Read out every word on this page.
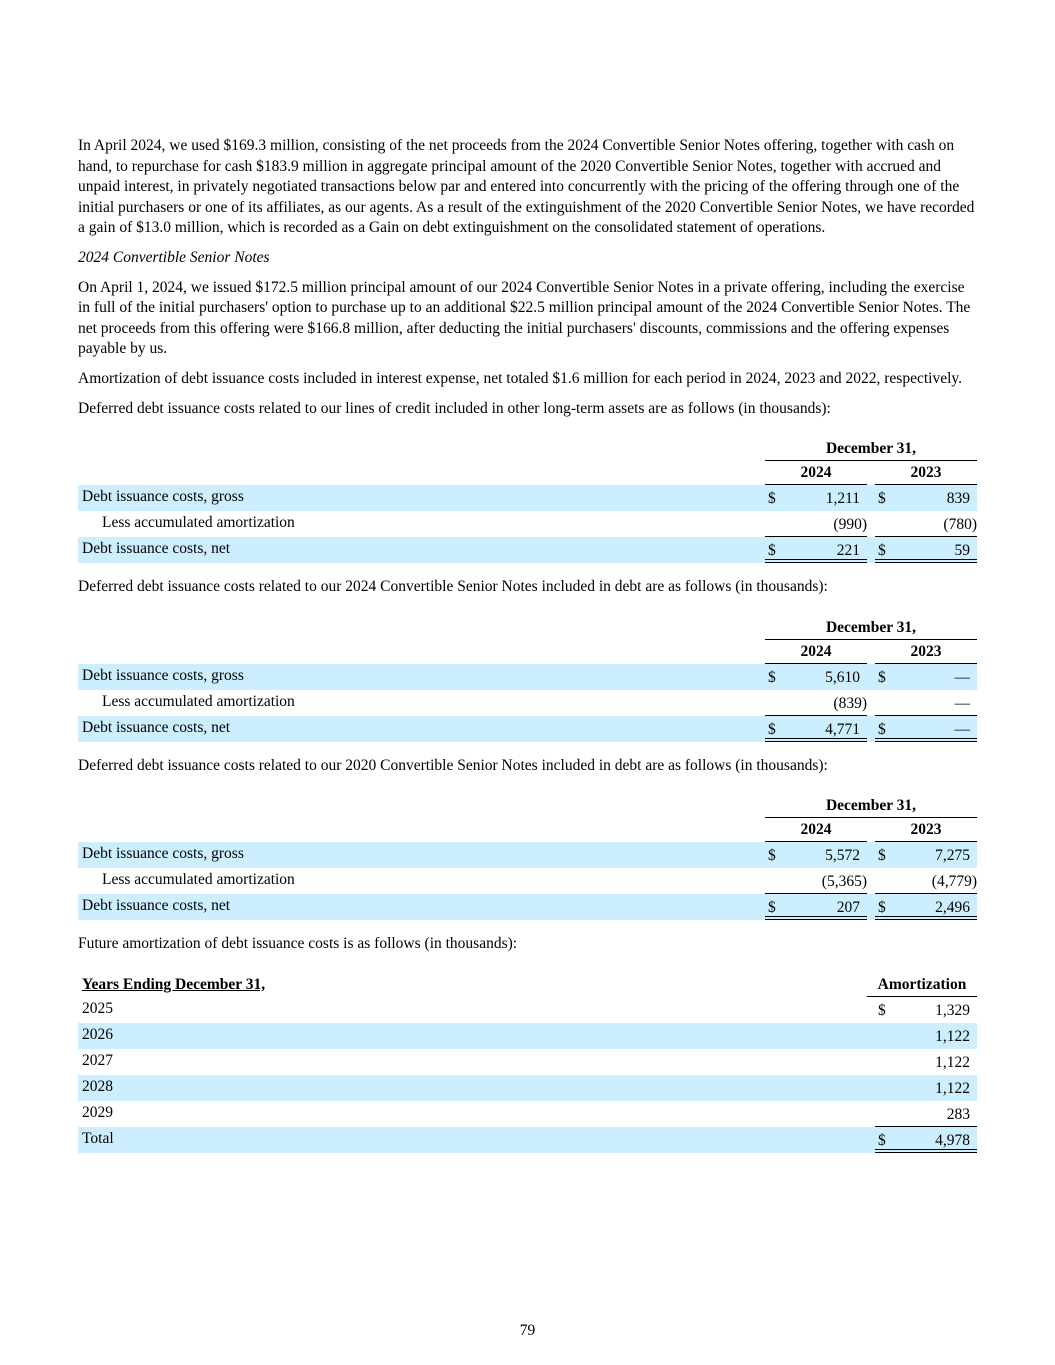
In April 2024, we used $169.3 million, consisting of the net proceeds from the 2024 Convertible Senior Notes offering, together with cash on hand, to repurchase for cash $183.9 million in aggregate principal amount of the 2020 Convertible Senior Notes, together with accrued and unpaid interest, in privately negotiated transactions below par and entered into concurrently with the pricing of the offering through one of the initial purchasers or one of its affiliates, as our agents. As a result of the extinguishment of the 2020 Convertible Senior Notes, we have recorded a gain of $13.0 million, which is recorded as a Gain on debt extinguishment on the consolidated statement of operations.

2024 Convertible Senior Notes

On April 1, 2024, we issued $172.5 million principal amount of our 2024 Convertible Senior Notes in a private offering, including the exercise in full of the initial purchasers' option to purchase up to an additional $22.5 million principal amount of the 2024 Convertible Senior Notes. The net proceeds from this offering were $166.8 million, after deducting the initial purchasers' discounts, commissions and the offering expenses payable by us.

Amortization of debt issuance costs included in interest expense, net totaled $1.6 million for each period in 2024, 2023 and 2022, respectively.

Deferred debt issuance costs related to our lines of credit included in other long-term assets are as follows (in thousands):

December 31,
2024	2023
Debt issuance costs, gross	$	1,211	$	839
Less accumulated amortization	(990)	(780)
Debt issuance costs, net	$	221	$	59

Deferred debt issuance costs related to our 2024 Convertible Senior Notes included in debt are as follows (in thousands):

December 31,
2024	2023
Debt issuance costs, gross	$	5,610	$	—
Less accumulated amortization	(839)	—
Debt issuance costs, net	$	4,771	$	—

Deferred debt issuance costs related to our 2020 Convertible Senior Notes included in debt are as follows (in thousands):

December 31,
2024	2023
Debt issuance costs, gross	$	5,572	$	7,275
Less accumulated amortization	(5,365)	(4,779)
Debt issuance costs, net	$	207	$	2,496

Future amortization of debt issuance costs is as follows (in thousands):

Years Ending December 31,	Amortization
2025	$	1,329
2026	1,122
2027	1,122
2028	1,122
2029	283
Total	$	4,978
79
